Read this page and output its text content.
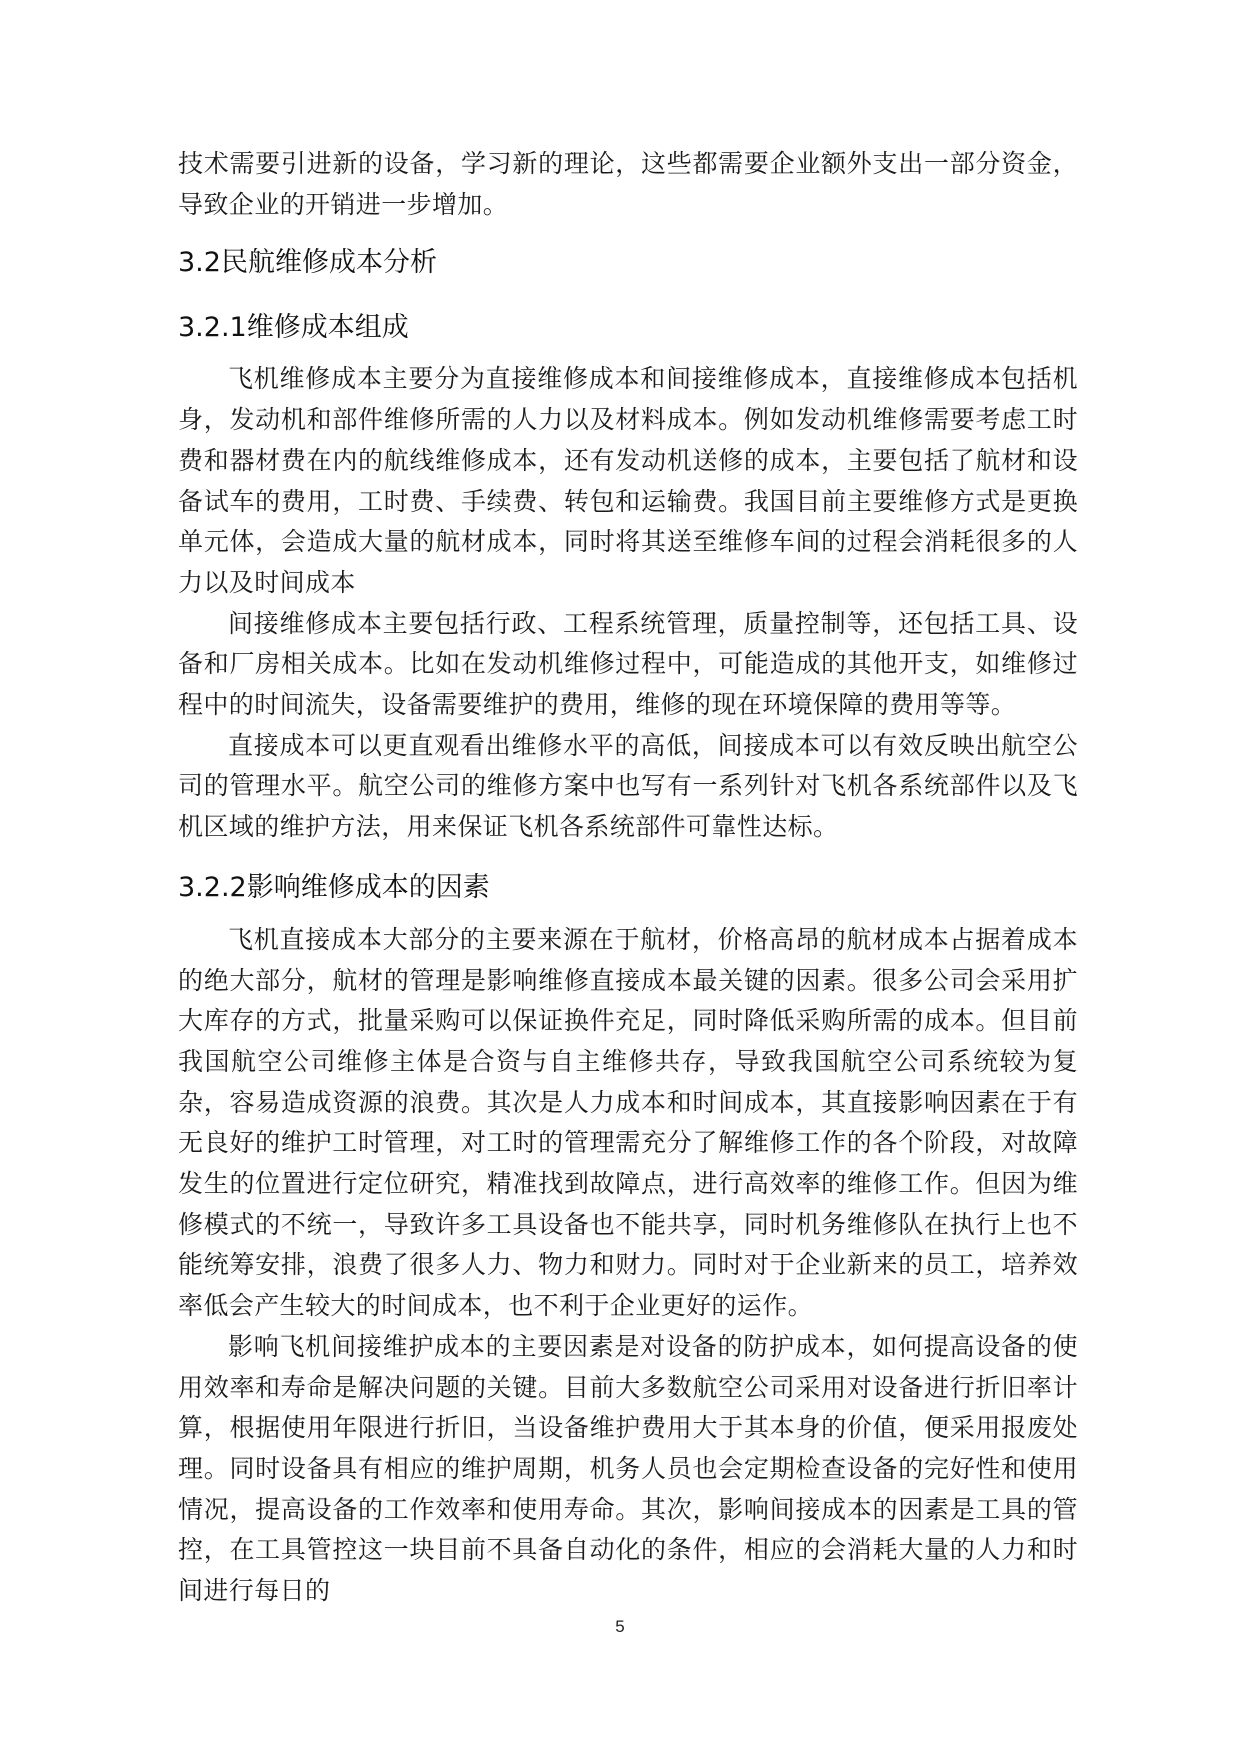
技术需要引进新的设备，学习新的理论，这些都需要企业额外支出一部分资金，导致企业的开销进一步增加。

3.2民航维修成本分析
3.2.1维修成本组成

飞机维修成本主要分为直接维修成本和间接维修成本，直接维修成本包括机身，发动机和部件维修所需的人力以及材料成本。例如发动机维修需要考虑工时费和器材费在内的航线维修成本，还有发动机送修的成本，主要包括了航材和设备试车的费用，工时费、手续费、转包和运输费。我国目前主要维修方式是更换单元体，会造成大量的航材成本，同时将其送至维修车间的过程会消耗很多的人力以及时间成本

间接维修成本主要包括行政、工程系统管理，质量控制等，还包括工具、设备和厂房相关成本。比如在发动机维修过程中，可能造成的其他开支，如维修过程中的时间流失，设备需要维护的费用，维修的现在环境保障的费用等等。

直接成本可以更直观看出维修水平的高低，间接成本可以有效反映出航空公司的管理水平。航空公司的维修方案中也写有一系列针对飞机各系统部件以及飞机区域的维护方法，用来保证飞机各系统部件可靠性达标。

3.2.2影响维修成本的因素

飞机直接成本大部分的主要来源在于航材，价格高昂的航材成本占据着成本的绝大部分，航材的管理是影响维修直接成本最关键的因素。很多公司会采用扩大库存的方式，批量采购可以保证换件充足，同时降低采购所需的成本。但目前我国航空公司维修主体是合资与自主维修共存，导致我国航空公司系统较为复杂，容易造成资源的浪费。其次是人力成本和时间成本，其直接影响因素在于有无良好的维护工时管理，对工时的管理需充分了解维修工作的各个阶段，对故障发生的位置进行定位研究，精准找到故障点，进行高效率的维修工作。但因为维修模式的不统一，导致许多工具设备也不能共享，同时机务维修队在执行上也不能统筹安排，浪费了很多人力、物力和财力。同时对于企业新来的员工，培养效率低会产生较大的时间成本，也不利于企业更好的运作。

影响飞机间接维护成本的主要因素是对设备的防护成本，如何提高设备的使用效率和寿命是解决问题的关键。目前大多数航空公司采用对设备进行折旧率计算，根据使用年限进行折旧，当设备维护费用大于其本身的价值，便采用报废处理。同时设备具有相应的维护周期，机务人员也会定期检查设备的完好性和使用情况，提高设备的工作效率和使用寿命。其次，影响间接成本的因素是工具的管控，在工具管控这一块目前不具备自动化的条件，相应的会消耗大量的人力和时间进行每日的

5
